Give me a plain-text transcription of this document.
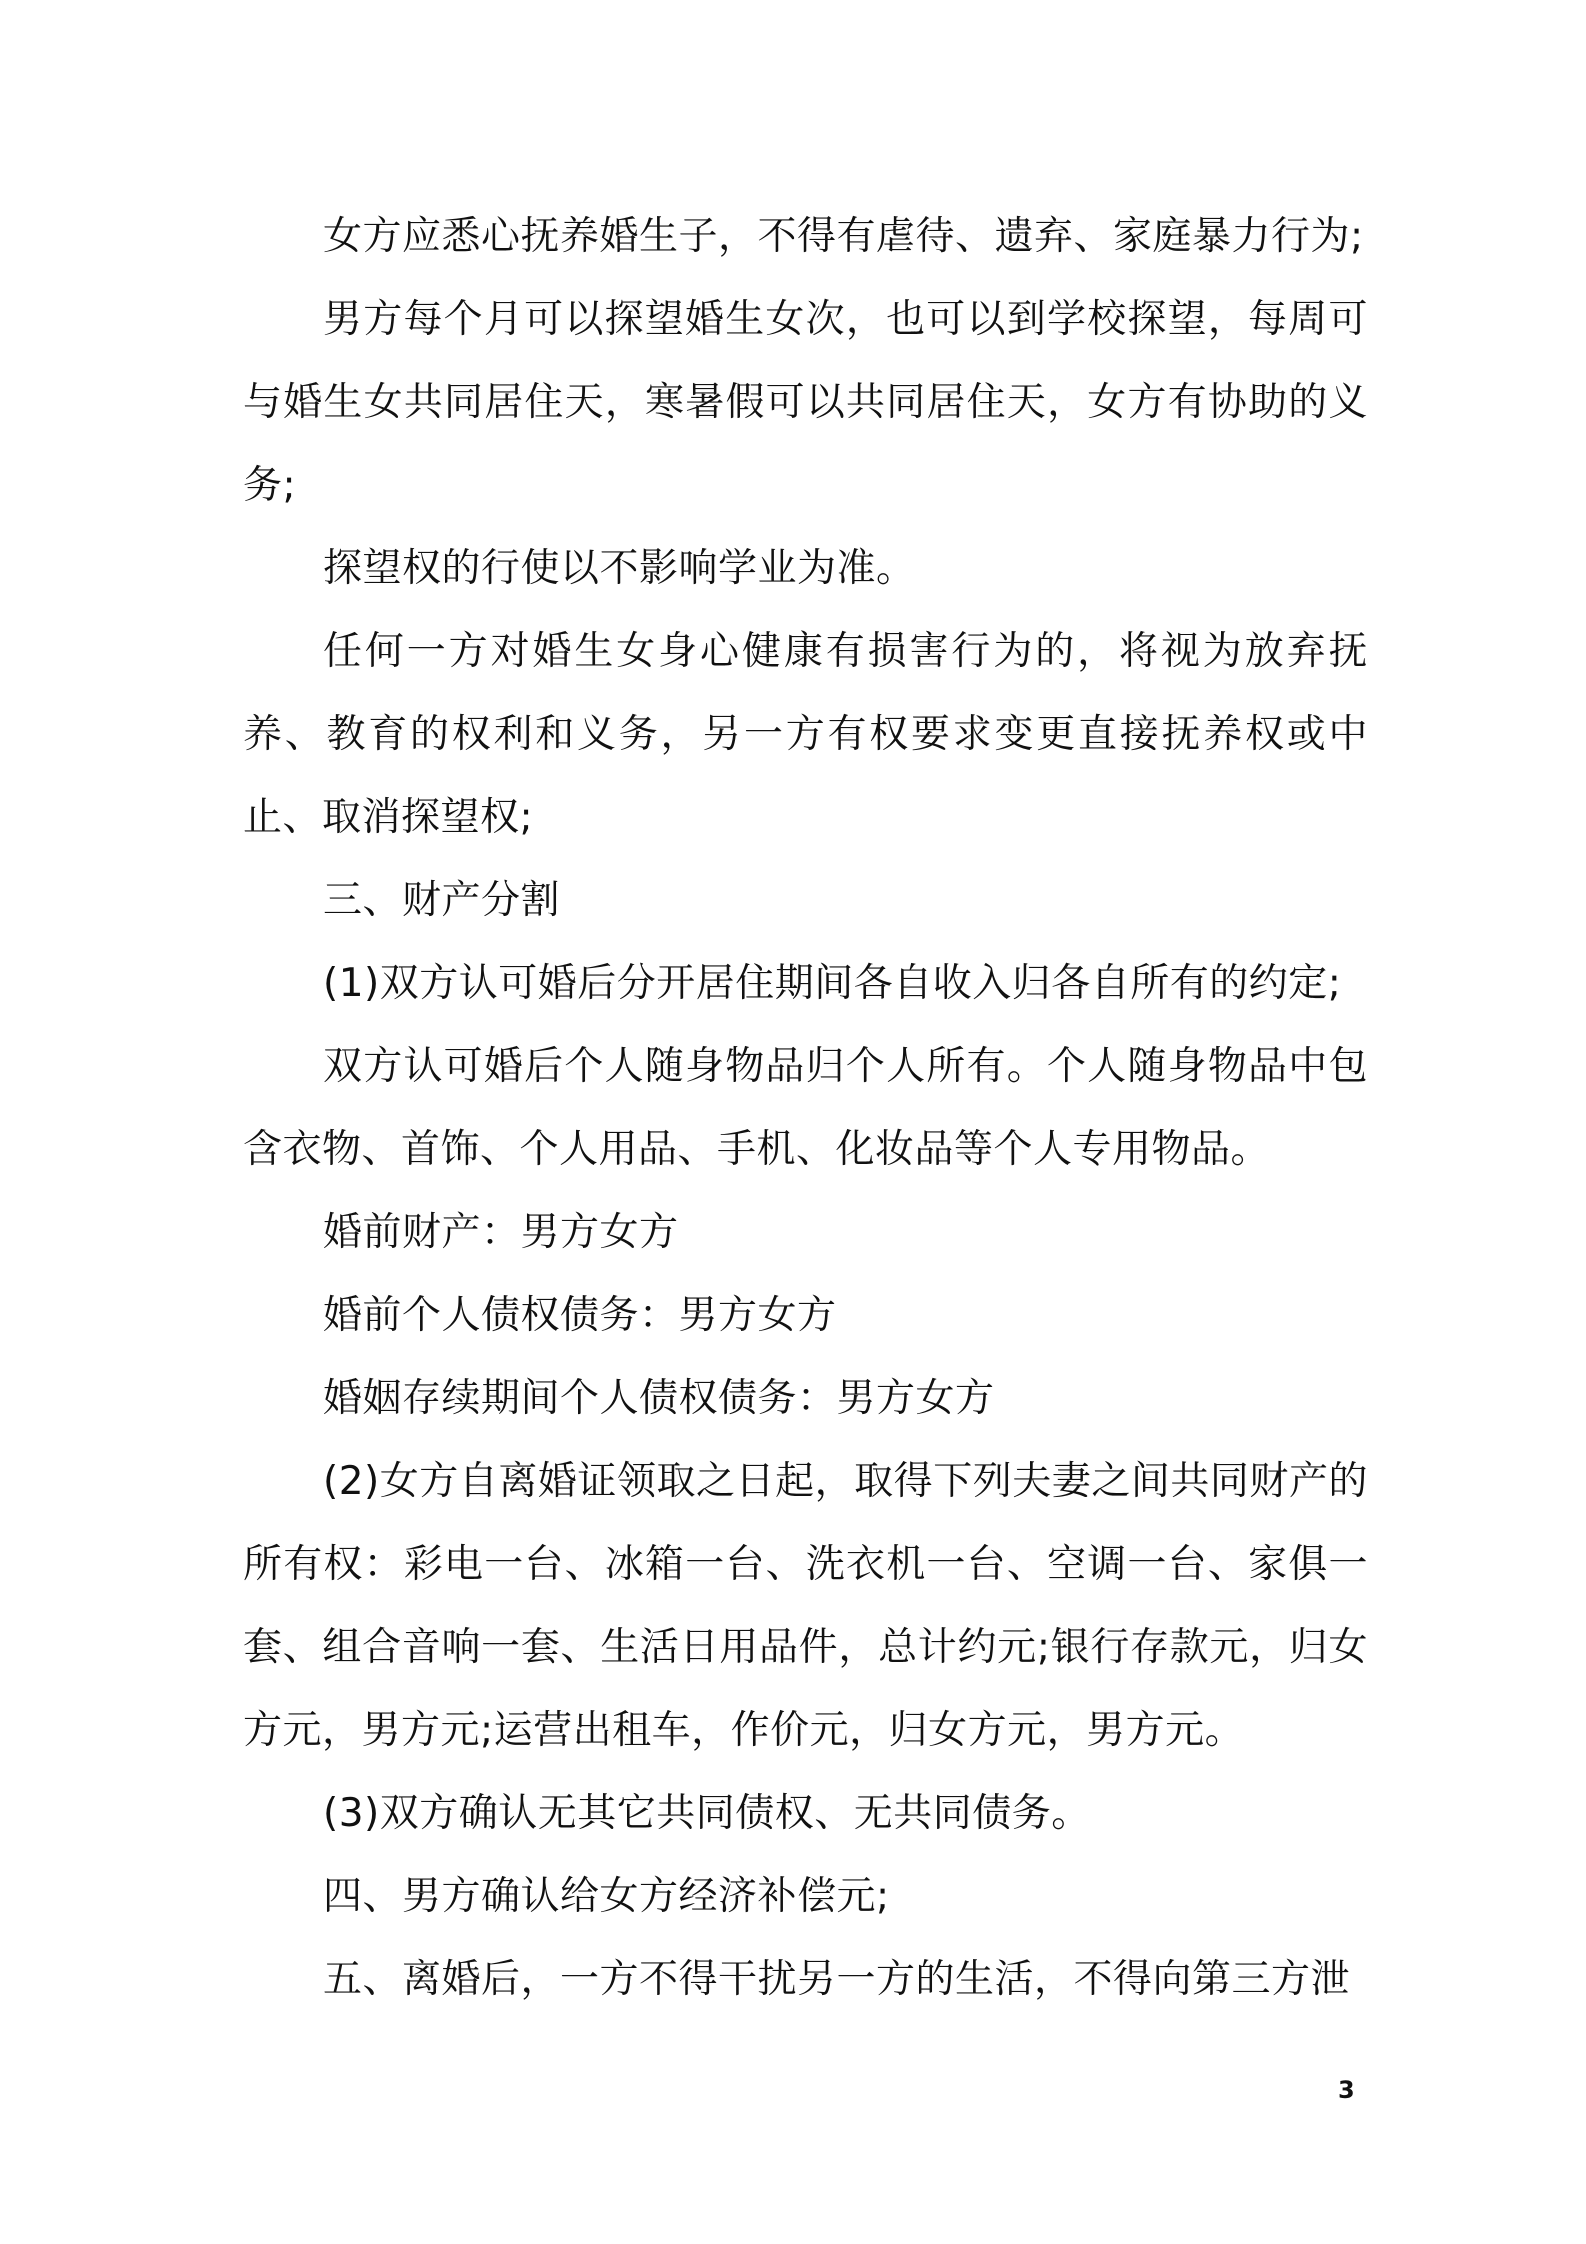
女方应悉心抚养婚生子，不得有虐待、遗弃、家庭暴力行为;

男方每个月可以探望婚生女次，也可以到学校探望，每周可与婚生女共同居住天，寒暑假可以共同居住天，女方有协助的义务;

探望权的行使以不影响学业为准。

任何一方对婚生女身心健康有损害行为的，将视为放弃抚养、教育的权利和义务，另一方有权要求变更直接抚养权或中止、取消探望权;

三、财产分割

(1)双方认可婚后分开居住期间各自收入归各自所有的约定;

双方认可婚后个人随身物品归个人所有。个人随身物品中包含衣物、首饰、个人用品、手机、化妆品等个人专用物品。

婚前财产：男方女方

婚前个人债权债务：男方女方

婚姻存续期间个人债权债务：男方女方

(2)女方自离婚证领取之日起，取得下列夫妻之间共同财产的所有权：彩电一台、冰箱一台、洗衣机一台、空调一台、家俱一套、组合音响一套、生活日用品件，总计约元;银行存款元，归女方元，男方元;运营出租车，作价元，归女方元，男方元。

(3)双方确认无其它共同债权、无共同债务。

四、男方确认给女方经济补偿元;

五、离婚后，一方不得干扰另一方的生活，不得向第三方泄

3
